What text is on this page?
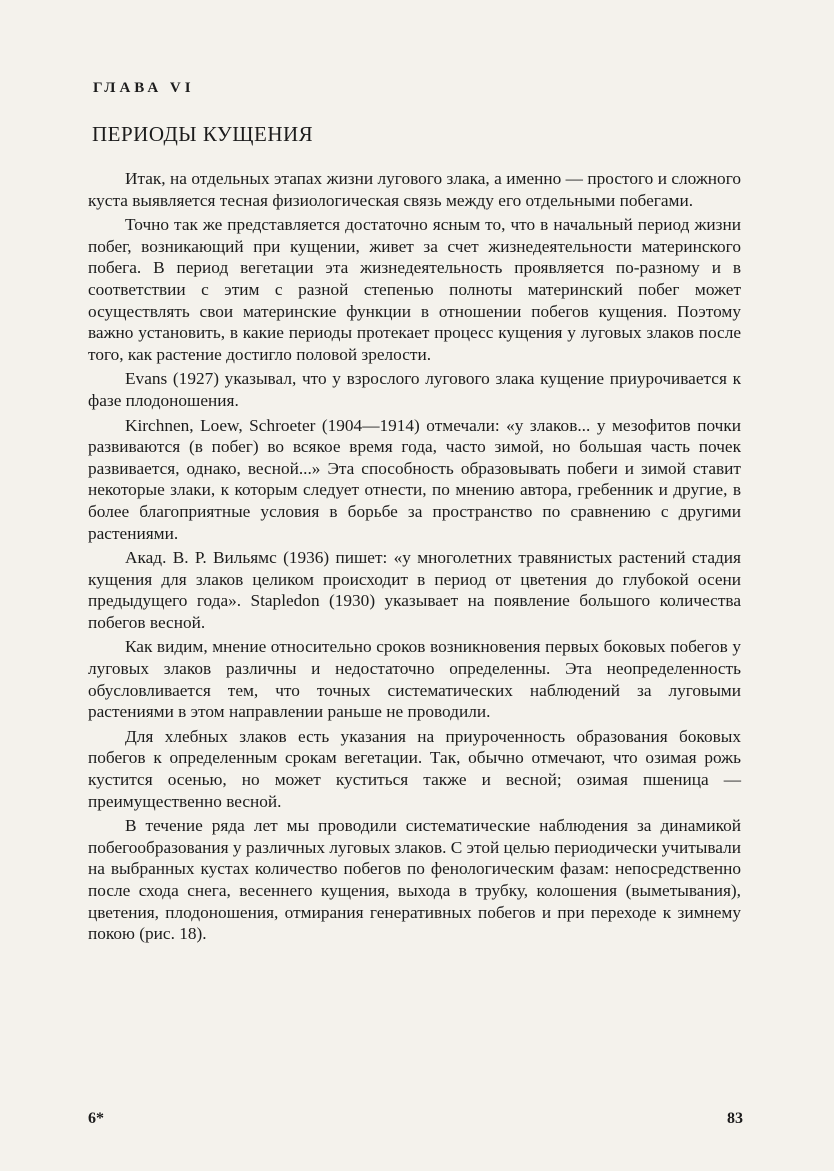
ГЛАВА VI
ПЕРИОДЫ КУЩЕНИЯ

Итак, на отдельных этапах жизни лугового злака, а именно — простого и сложного куста выявляется тесная физиологическая связь между его отдельными побегами.

Точно так же представляется достаточно ясным то, что в начальный период жизни побег, возникающий при кущении, живет за счет жизнедеятельности материнского побега. В период вегетации эта жизнедеятельность проявляется по-разному и в соответствии с этим с разной степенью полноты материнский побег может осуществлять свои материнские функции в отношении побегов кущения. Поэтому важно установить, в какие периоды протекает процесс кущения у луговых злаков после того, как растение достигло половой зрелости.

Evans (1927) указывал, что у взрослого лугового злака кущение приурочивается к фазе плодоношения.

Kirchnen, Loew, Schroeter (1904—1914) отмечали: «у злаков... у мезофитов почки развиваются (в побег) во всякое время года, часто зимой, но большая часть почек развивается, однако, весной...» Эта способность образовывать побеги и зимой ставит некоторые злаки, к которым следует отнести, по мнению автора, гребенник и другие, в более благоприятные условия в борьбе за пространство по сравнению с другими растениями.

Акад. В. Р. Вильямс (1936) пишет: «у многолетних травянистых растений стадия кущения для злаков целиком происходит в период от цветения до глубокой осени предыдущего года». Stapledon (1930) указывает на появление большого количества побегов весной.

Как видим, мнение относительно сроков возникновения первых боковых побегов у луговых злаков различны и недостаточно определенны. Эта неопределенность обусловливается тем, что точных систематических наблюдений за луговыми растениями в этом направлении раньше не проводили.

Для хлебных злаков есть указания на приуроченность образования боковых побегов к определенным срокам вегетации. Так, обычно отмечают, что озимая рожь кустится осенью, но может куститься также и весной; озимая пшеница — преимущественно весной.

В течение ряда лет мы проводили систематические наблюдения за динамикой побегообразования у различных луговых злаков. С этой целью периодически учитывали на выбранных кустах количество побегов по фенологическим фазам: непосредственно после схода снега, весеннего кущения, выхода в трубку, колошения (выметывания), цветения, плодоношения, отмирания генеративных побегов и при переходе к зимнему покою (рис. 18).

6*	83
